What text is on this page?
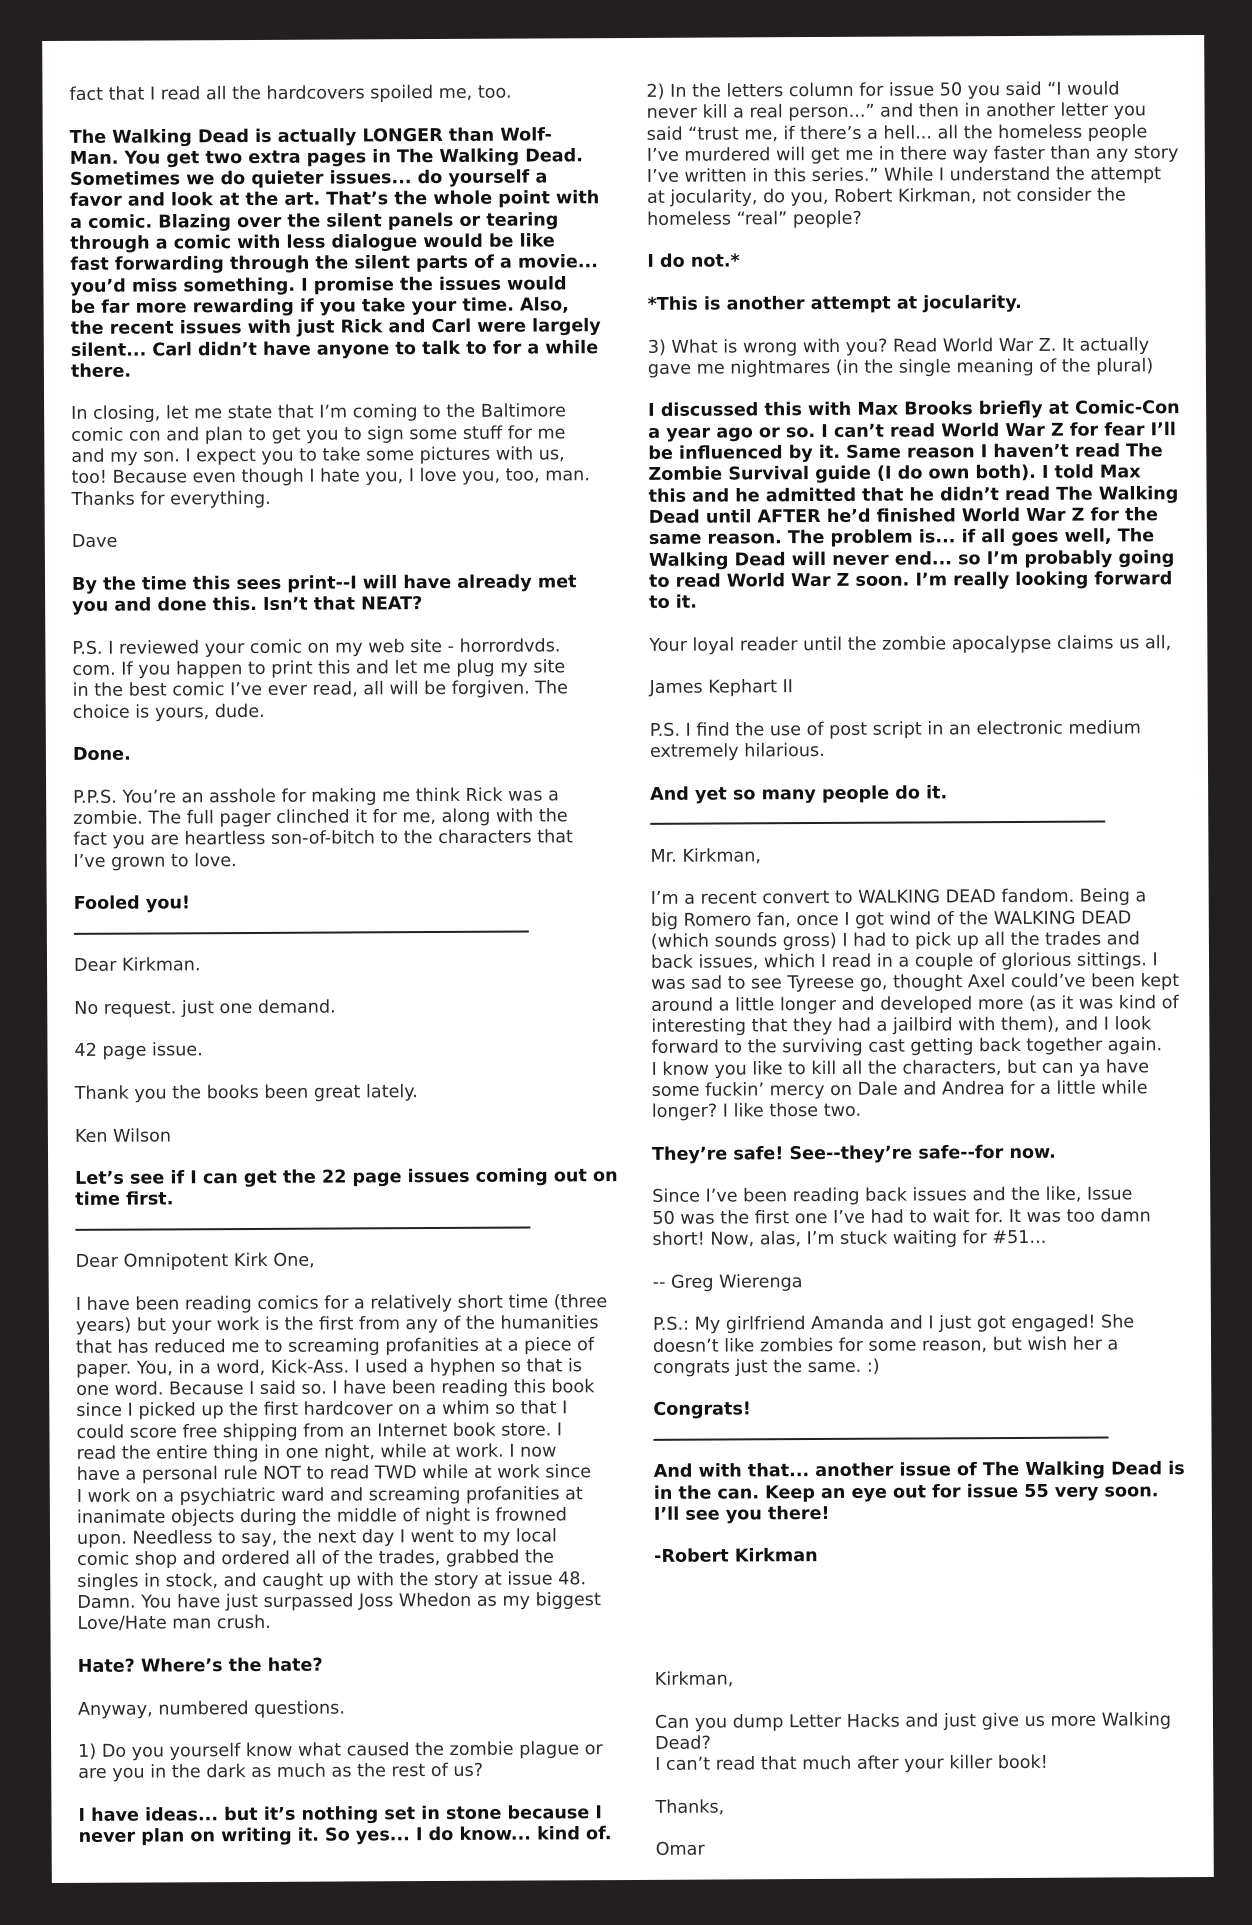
fact that I read all the hardcovers spoiled me, too.

The Walking Dead is actually LONGER than Wolf-
Man. You get two extra pages in The Walking Dead.
Sometimes we do quieter issues... do yourself a
favor and look at the art. That’s the whole point with
a comic. Blazing over the silent panels or tearing
through a comic with less dialogue would be like
fast forwarding through the silent parts of a movie...
you’d miss something. I promise the issues would
be far more rewarding if you take your time. Also,
the recent issues with just Rick and Carl were largely
silent... Carl didn’t have anyone to talk to for a while
there.

In closing, let me state that I’m coming to the Baltimore
comic con and plan to get you to sign some stuff for me
and my son. I expect you to take some pictures with us,
too! Because even though I hate you, I love you, too, man.
Thanks for everything.

Dave

By the time this sees print--I will have already met
you and done this. Isn’t that NEAT?

P.S. I reviewed your comic on my web site - horrordvds.
com. If you happen to print this and let me plug my site
in the best comic I’ve ever read, all will be forgiven. The
choice is yours, dude.

Done.

P.P.S. You’re an asshole for making me think Rick was a
zombie. The full pager clinched it for me, along with the
fact you are heartless son-of-bitch to the characters that
I’ve grown to love.

Fooled you!

Dear Kirkman.

No request. just one demand.

42 page issue.

Thank you the books been great lately.

Ken Wilson

Let’s see if I can get the 22 page issues coming out on
time first.

Dear Omnipotent Kirk One,

I have been reading comics for a relatively short time (three
years) but your work is the first from any of the humanities
that has reduced me to screaming profanities at a piece of
paper. You, in a word, Kick-Ass. I used a hyphen so that is
one word. Because I said so. I have been reading this book
since I picked up the first hardcover on a whim so that I
could score free shipping from an Internet book store. I
read the entire thing in one night, while at work. I now
have a personal rule NOT to read TWD while at work since
I work on a psychiatric ward and screaming profanities at
inanimate objects during the middle of night is frowned
upon. Needless to say, the next day I went to my local
comic shop and ordered all of the trades, grabbed the
singles in stock, and caught up with the story at issue 48.
Damn. You have just surpassed Joss Whedon as my biggest
Love/Hate man crush.

Hate? Where’s the hate?

Anyway, numbered questions.

1) Do you yourself know what caused the zombie plague or
are you in the dark as much as the rest of us?

I have ideas... but it’s nothing set in stone because I
never plan on writing it. So yes... I do know... kind of.

2) In the letters column for issue 50 you said “I would
never kill a real person...” and then in another letter you
said “trust me, if there’s a hell... all the homeless people
I’ve murdered will get me in there way faster than any story
I’ve written in this series.” While I understand the attempt
at jocularity, do you, Robert Kirkman, not consider the
homeless “real” people?

I do not.*

*This is another attempt at jocularity.

3) What is wrong with you? Read World War Z. It actually
gave me nightmares (in the single meaning of the plural)

I discussed this with Max Brooks briefly at Comic-Con
a year ago or so. I can’t read World War Z for fear I’ll
be influenced by it. Same reason I haven’t read The
Zombie Survival guide (I do own both). I told Max
this and he admitted that he didn’t read The Walking
Dead until AFTER he’d finished World War Z for the
same reason. The problem is... if all goes well, The
Walking Dead will never end... so I’m probably going
to read World War Z soon. I’m really looking forward
to it.

Your loyal reader until the zombie apocalypse claims us all,

James Kephart II

P.S. I find the use of post script in an electronic medium
extremely hilarious.

And yet so many people do it.

Mr. Kirkman,

I’m a recent convert to WALKING DEAD fandom. Being a
big Romero fan, once I got wind of the WALKING DEAD
(which sounds gross) I had to pick up all the trades and
back issues, which I read in a couple of glorious sittings. I
was sad to see Tyreese go, thought Axel could’ve been kept
around a little longer and developed more (as it was kind of
interesting that they had a jailbird with them), and I look
forward to the surviving cast getting back together again.
I know you like to kill all the characters, but can ya have
some fuckin’ mercy on Dale and Andrea for a little while
longer? I like those two.

They’re safe! See--they’re safe--for now.

Since I’ve been reading back issues and the like, Issue
50 was the first one I’ve had to wait for. It was too damn
short! Now, alas, I’m stuck waiting for #51...

-- Greg Wierenga

P.S.: My girlfriend Amanda and I just got engaged! She
doesn’t like zombies for some reason, but wish her a
congrats just the same. :)

Congrats!

And with that... another issue of The Walking Dead is
in the can. Keep an eye out for issue 55 very soon.
I’ll see you there!

-Robert Kirkman

Kirkman,

Can you dump Letter Hacks and just give us more Walking
Dead?
I can’t read that much after your killer book!

Thanks,

Omar
